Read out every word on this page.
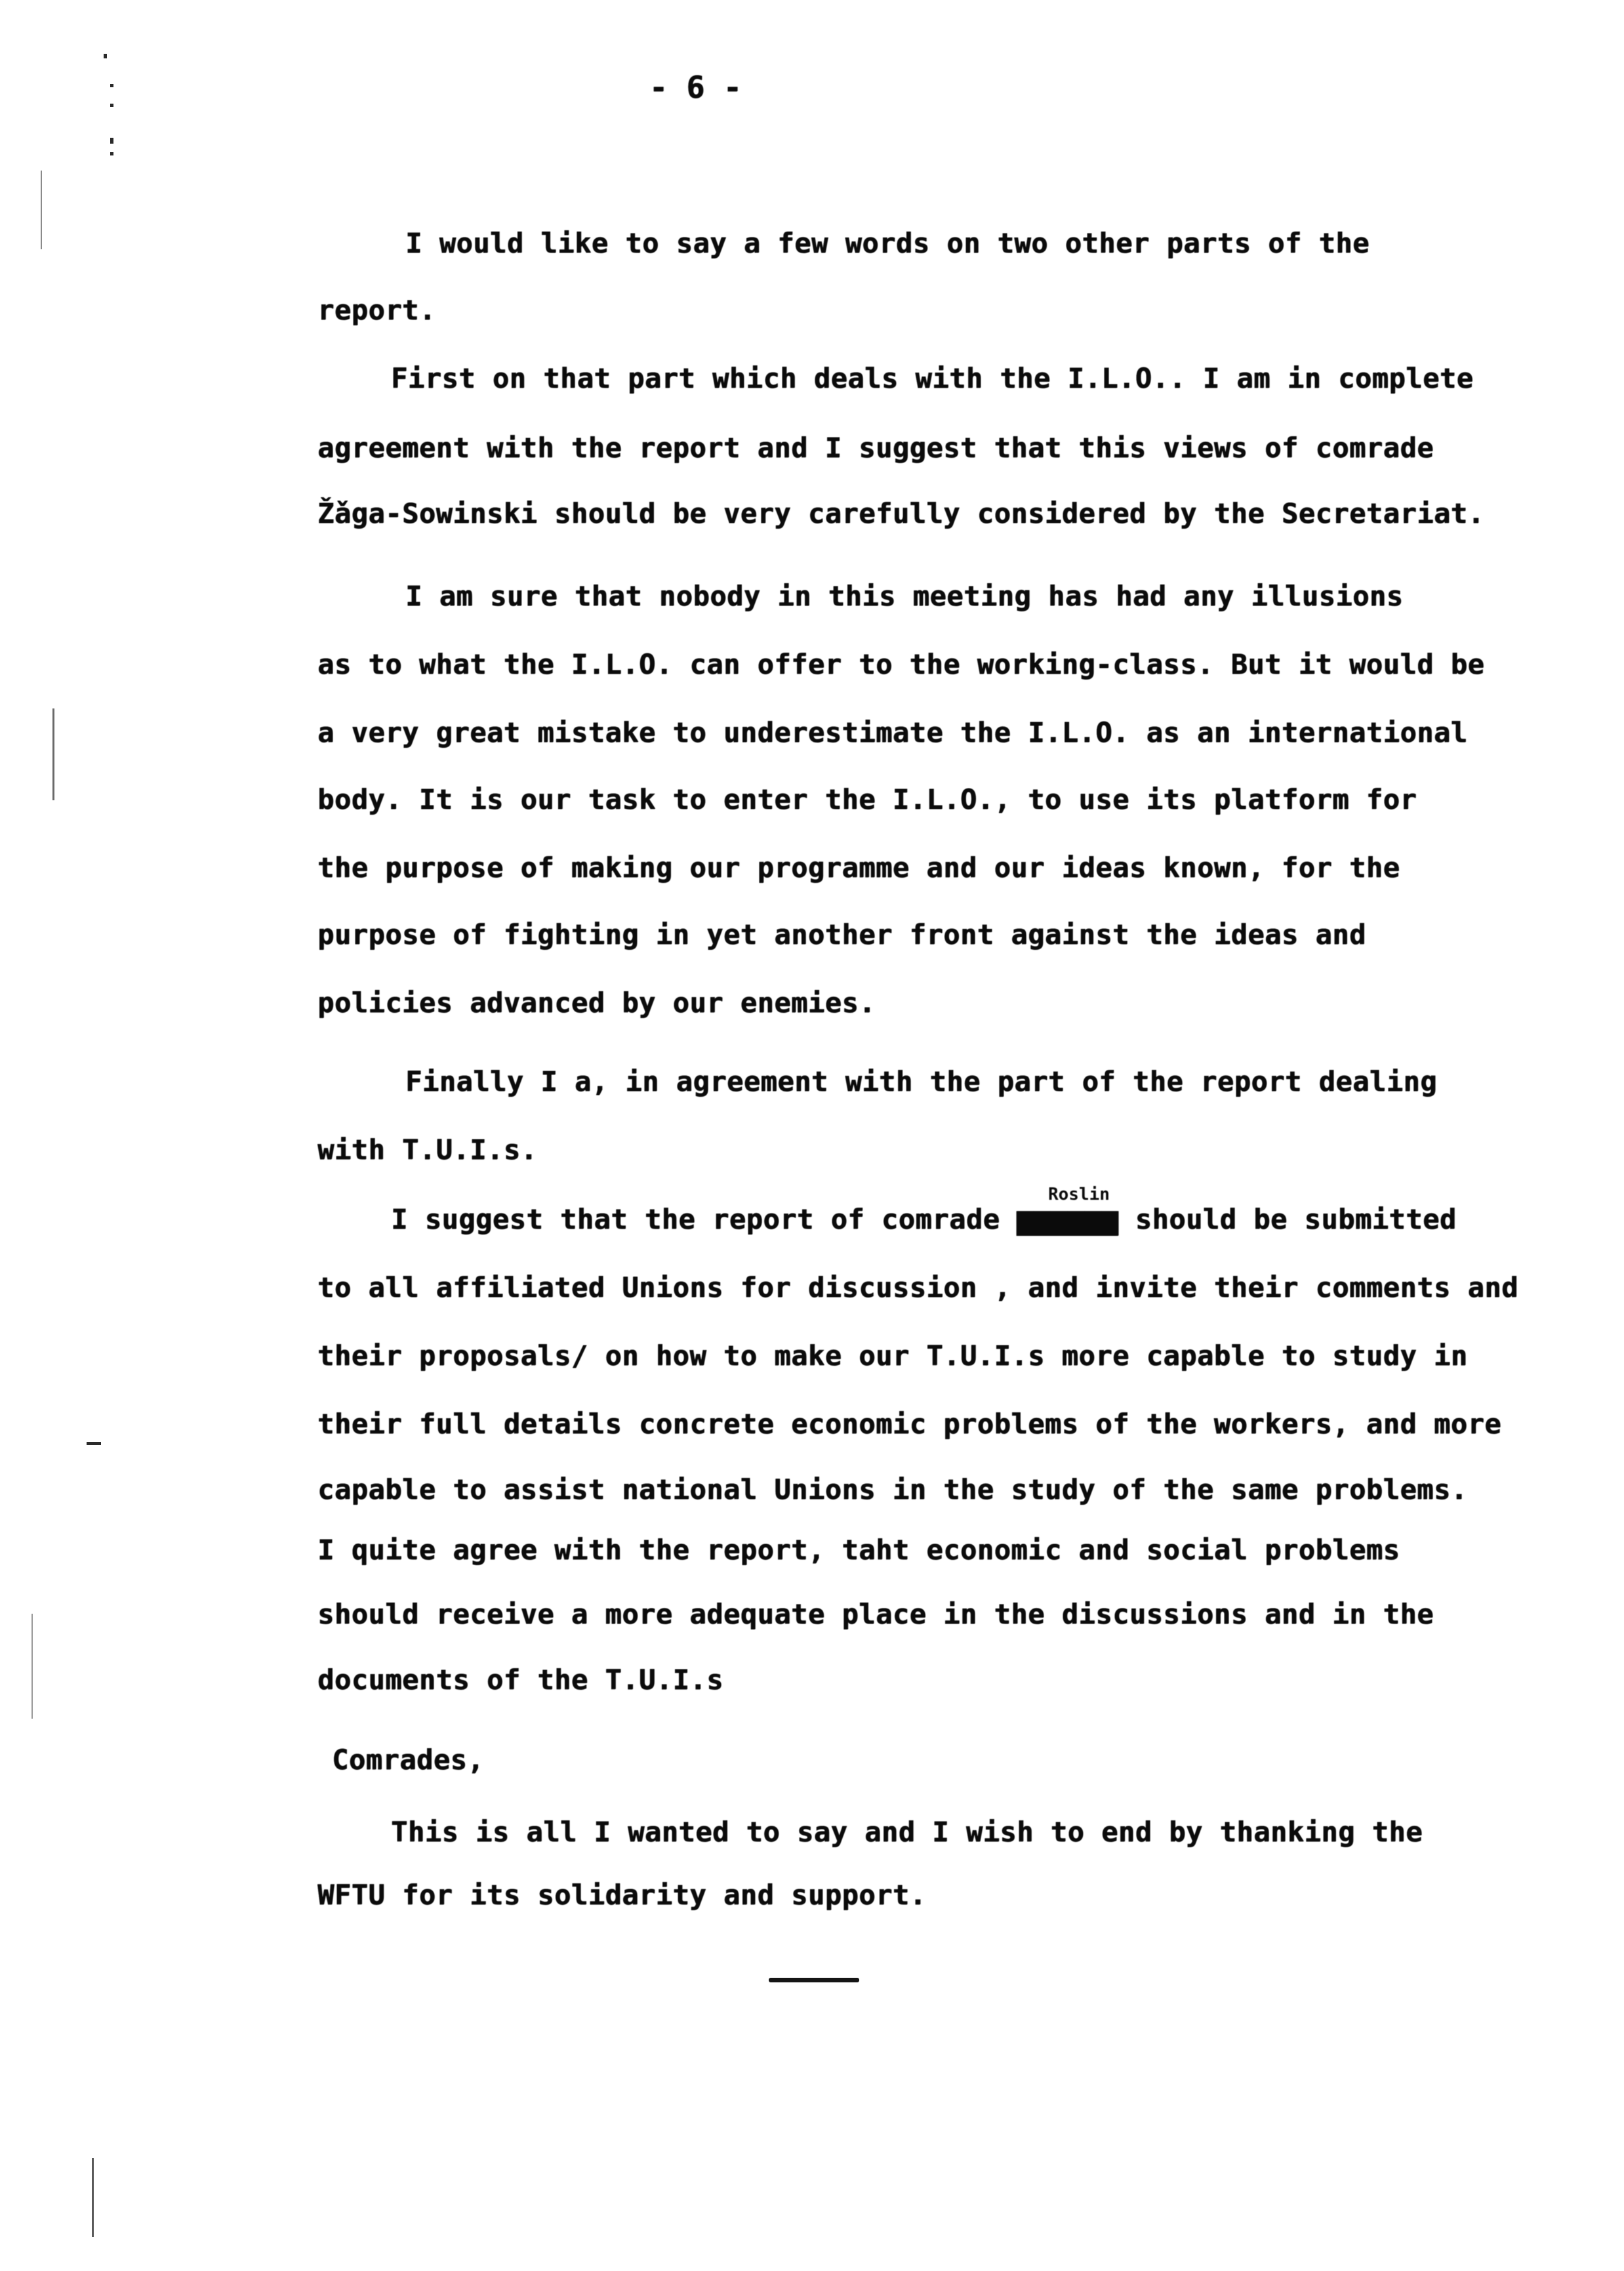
- 6 -
I would like to say a few words on two other parts of the
report.
First on that part which deals with the I.L.O.. I am in complete
agreement with the report and I suggest that this views of comrade
Ž̌aga-Sowinski should be very carefully considered by the Secretariat.
I am sure that nobody in this meeting has had any illusions
as to what the I.L.O. can offer to the working-class. But it would be
a very great mistake to underestimate the I.L.O. as an international
body. It is our task to enter the I.L.O., to use its platform for
the purpose of making our programme and our ideas known, for the
purpose of fighting in yet another front against the ideas and
policies advanced by our enemies.
Finally I a, in agreement with the part of the report dealing
with T.U.I.s.
Roslin
I suggest that the report of comrade ▆▆▆▆▆▆ should be submitted
to all affiliated Unions for discussion , and invite their comments and
their proposals/ on how to make our T.U.I.s more capable to study in
their full details concrete economic problems of the workers, and more
capable to assist national Unions in the study of the same problems.
I quite agree with the report, taht economic and social problems
should receive a more adequate place in the discussions and in the
documents of the T.U.I.s
Comrades,
This is all I wanted to say and I wish to end by thanking the
WFTU for its solidarity and support.
